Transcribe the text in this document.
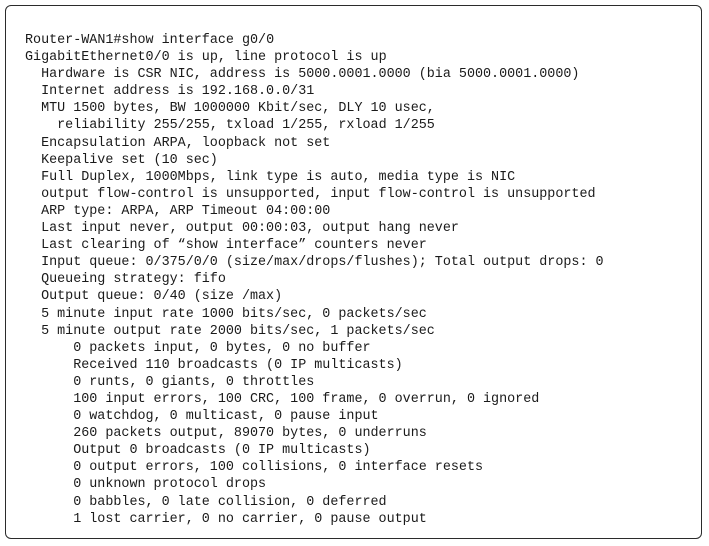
Router-WAN1#show interface g0/0
GigabitEthernet0/0 is up, line protocol is up
Hardware is CSR NIC, address is 5000.0001.0000 (bia 5000.0001.0000)
Internet address is 192.168.0.0/31
MTU 1500 bytes, BW 1000000 Kbit/sec, DLY 10 usec,
reliability 255/255, txload 1/255, rxload 1/255
Encapsulation ARPA, loopback not set
Keepalive set (10 sec)
Full Duplex, 1000Mbps, link type is auto, media type is NIC
output flow-control is unsupported, input flow-control is unsupported
ARP type: ARPA, ARP Timeout 04:00:00
Last input never, output 00:00:03, output hang never
Last clearing of “show interface” counters never
Input queue: 0/375/0/0 (size/max/drops/flushes); Total output drops: 0
Queueing strategy: fifo
Output queue: 0/40 (size /max)
5 minute input rate 1000 bits/sec, 0 packets/sec
5 minute output rate 2000 bits/sec, 1 packets/sec
0 packets input, 0 bytes, 0 no buffer
Received 110 broadcasts (0 IP multicasts)
0 runts, 0 giants, 0 throttles
100 input errors, 100 CRC, 100 frame, 0 overrun, 0 ignored
0 watchdog, 0 multicast, 0 pause input
260 packets output, 89070 bytes, 0 underruns
Output 0 broadcasts (0 IP multicasts)
0 output errors, 100 collisions, 0 interface resets
0 unknown protocol drops
0 babbles, 0 late collision, 0 deferred
1 lost carrier, 0 no carrier, 0 pause output
